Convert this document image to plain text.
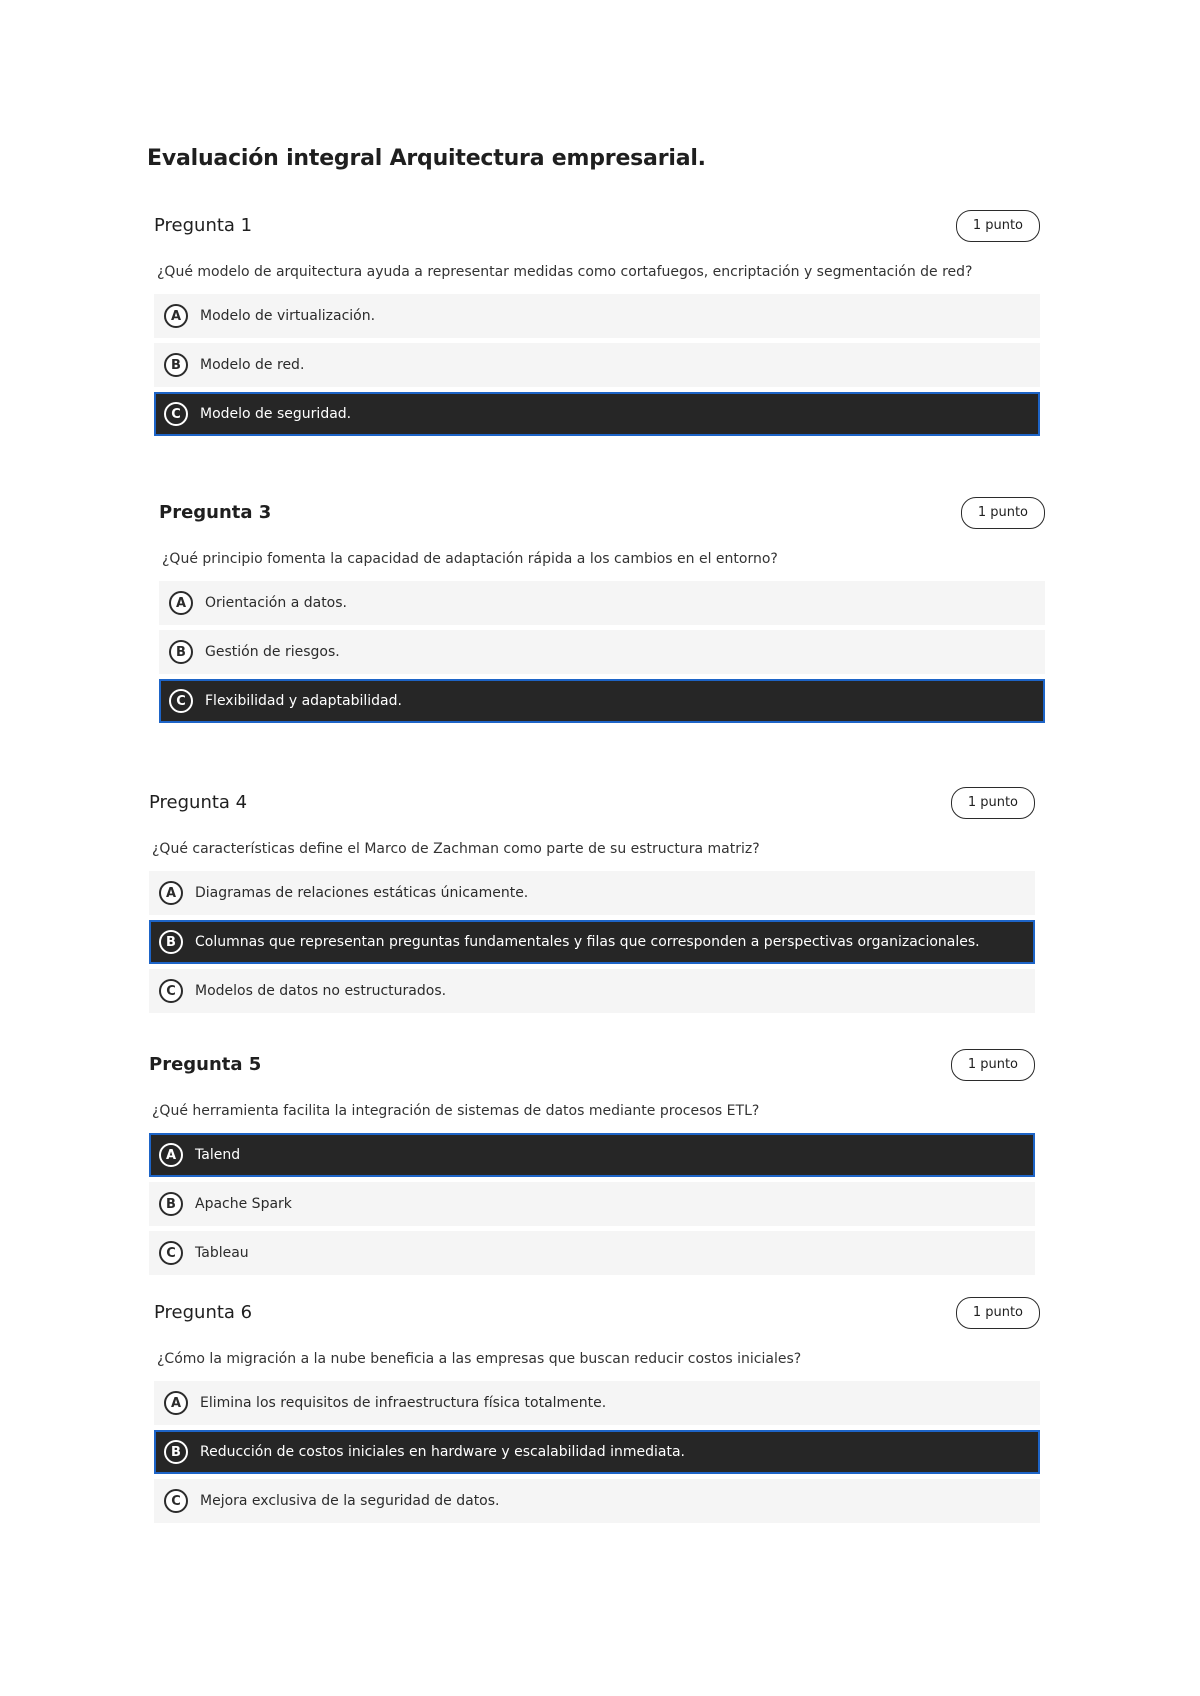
Evaluación integral Arquitectura empresarial.
Pregunta 1	1 punto
¿Qué modelo de arquitectura ayuda a representar medidas como cortafuegos, encriptación y segmentación de red?
A	Modelo de virtualización.
B	Modelo de red.
C	Modelo de seguridad.
Pregunta 3	1 punto
¿Qué principio fomenta la capacidad de adaptación rápida a los cambios en el entorno?
A	Orientación a datos.
B	Gestión de riesgos.
C	Flexibilidad y adaptabilidad.
Pregunta 4	1 punto
¿Qué características define el Marco de Zachman como parte de su estructura matriz?
A	Diagramas de relaciones estáticas únicamente.
B	Columnas que representan preguntas fundamentales y filas que corresponden a perspectivas organizacionales.
C	Modelos de datos no estructurados.
Pregunta 5	1 punto
¿Qué herramienta facilita la integración de sistemas de datos mediante procesos ETL?
A	Talend
B	Apache Spark
C	Tableau
Pregunta 6	1 punto
¿Cómo la migración a la nube beneficia a las empresas que buscan reducir costos iniciales?
A	Elimina los requisitos de infraestructura física totalmente.
B	Reducción de costos iniciales en hardware y escalabilidad inmediata.
C	Mejora exclusiva de la seguridad de datos.
